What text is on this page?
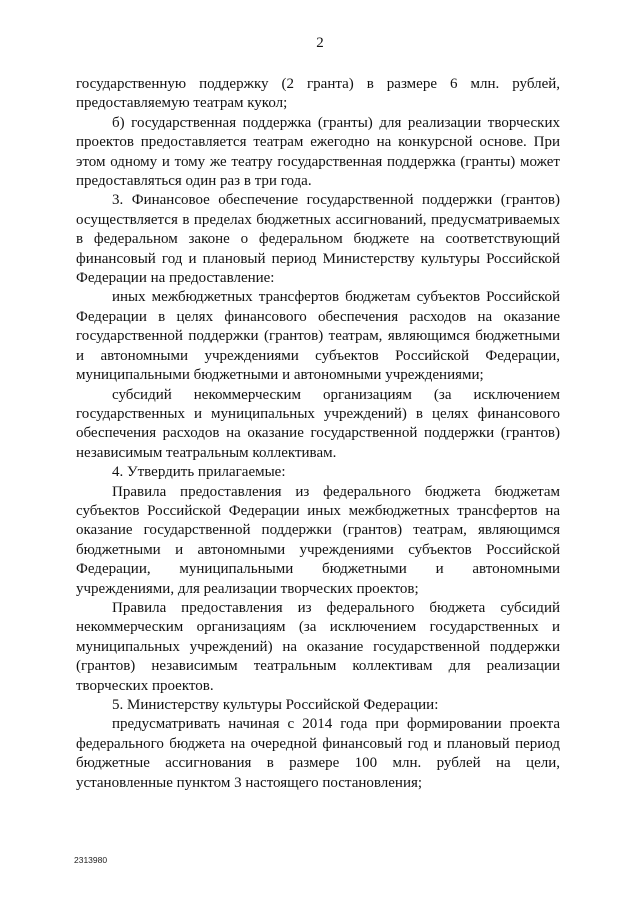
2

государственную поддержку (2 гранта) в размере 6 млн. рублей, предоставляемую театрам кукол;

б) государственная поддержка (гранты) для реализации творческих проектов предоставляется театрам ежегодно на конкурсной основе. При этом одному и тому же театру государственная поддержка (гранты) может предоставляться один раз в три года.

3. Финансовое обеспечение государственной поддержки (грантов) осуществляется в пределах бюджетных ассигнований, предусматриваемых в федеральном законе о федеральном бюджете на соответствующий финансовый год и плановый период Министерству культуры Российской Федерации на предоставление:

иных межбюджетных трансфертов бюджетам субъектов Российской Федерации в целях финансового обеспечения расходов на оказание государственной поддержки (грантов) театрам, являющимся бюджетными и автономными учреждениями субъектов Российской Федерации, муниципальными бюджетными и автономными учреждениями;

субсидий некоммерческим организациям (за исключением государственных и муниципальных учреждений) в целях финансового обеспечения расходов на оказание государственной поддержки (грантов) независимым театральным коллективам.

4. Утвердить прилагаемые:

Правила предоставления из федерального бюджета бюджетам субъектов Российской Федерации иных межбюджетных трансфертов на оказание государственной поддержки (грантов) театрам, являющимся бюджетными и автономными учреждениями субъектов Российской Федерации, муниципальными бюджетными и автономными учреждениями, для реализации творческих проектов;

Правила предоставления из федерального бюджета субсидий некоммерческим организациям (за исключением государственных и муниципальных учреждений) на оказание государственной поддержки (грантов) независимым театральным коллективам для реализации творческих проектов.

5. Министерству культуры Российской Федерации:

предусматривать начиная с 2014 года при формировании проекта федерального бюджета на очередной финансовый год и плановый период бюджетные ассигнования в размере 100 млн. рублей на цели, установленные пунктом 3 настоящего постановления;

2313980
